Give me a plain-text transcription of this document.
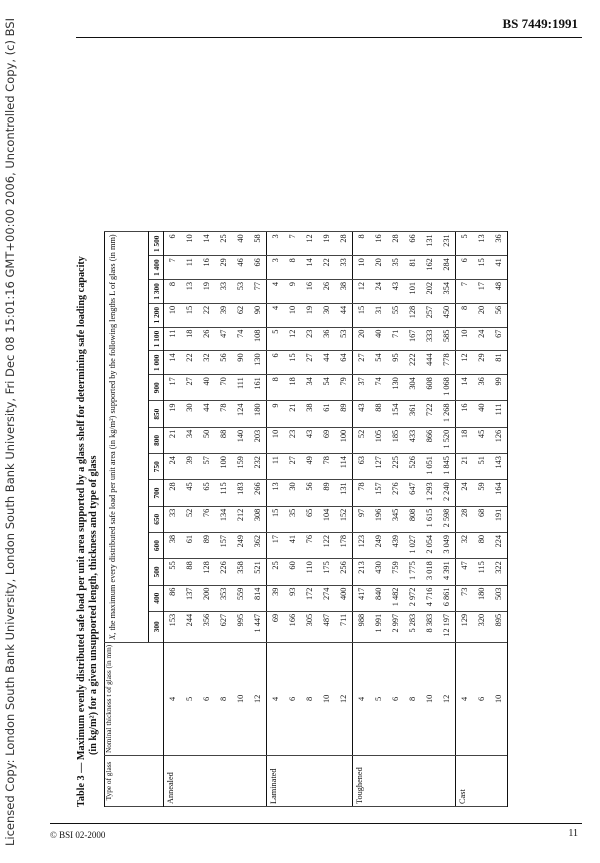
Licensed Copy: London South Bank University, London South Bank University, Fri Dec 08 15:01:16 GMT+00:00 2006, Uncontrolled Copy, (c) BSI	BS 7449:1991
Table 3 — Maximum evenly distributed safe load per unit area supported by a glass shelf for determining safe loading capacity (in kg/m²) for a given unsupported length, thickness and type of glass
Type of glass	Nominal thickness t of glass (in mm)	X, the maximum every distributed safe load per unit area (in kg/m²) supported by the following lengths L of glass (in mm)															
		300	400	500	600	650	700	750	800	850	900	1 000	1 100	1 200	1 300	1 400	1 500
Annealed	4	153	86	55	38	33	28	24	21	19	17	14	11	10	8	7	6
	5	244	137	88	61	52	45	39	34	30	27	22	18	15	13	11	10
	6	356	200	128	89	76	65	57	50	44	40	32	26	22	19	16	14
	8	627	353	226	157	134	115	100	88	78	70	56	47	39	33	29	25
	10	995	559	358	249	212	183	159	140	124	111	90	74	62	53	46	40
	12	1 447	814	521	362	308	266	232	203	180	161	130	108	90	77	66	58
Laminated	4	69	39	25	17	15	13	11	10	9	8	6	5	4	4	3	3
	6	166	93	60	41	35	30	27	23	21	18	15	12	10	9	8	7
	8	305	172	110	76	65	56	49	43	38	34	27	23	19	16	14	12
	10	487	274	175	122	104	89	78	69	61	54	44	36	30	26	22	19
	12	711	400	256	178	152	131	114	100	89	79	64	53	44	38	33	28
Toughened	4	988	417	213	123	97	78	63	52	43	37	27	20	15	12	10	8
	5	1 991	840	430	249	196	157	127	105	88	74	54	40	31	24	20	16
	6	2 997	1 482	759	439	345	276	225	185	154	130	95	71	55	43	35	28
	8	5 283	2 972	1 775	1 027	808	647	526	433	361	304	222	167	128	101	81	66
	10	8 383	4 716	3 018	2 054	1 615	1 293	1 051	866	722	608	444	333	257	202	162	131
	12	12 197	6 861	4 391	3 049	2 598	2 240	1 845	1 520	1 268	1 068	778	585	450	354	284	231
Cast	4	129	73	47	32	28	24	21	18	16	14	12	10	8	7	6	5
	6	320	180	115	80	68	59	51	45	40	36	29	24	20	17	15	13
	10	895	503	322	224	191	164	143	126	111	99	81	67	56	48	41	36
© BSI 02-2000	11
